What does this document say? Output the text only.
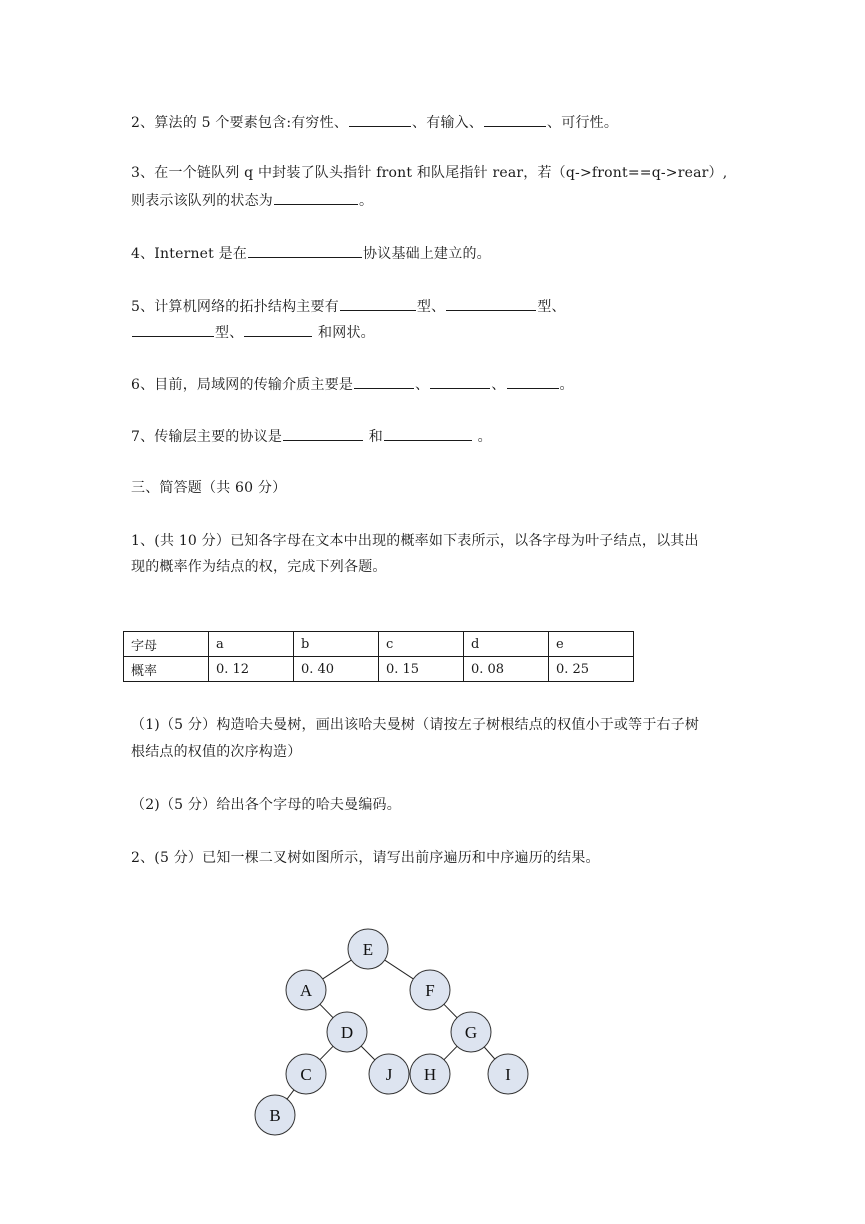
2、算法的 5 个要素包含:有穷性、	、有输入、	、可行性。
3、在一个链队列 q 中封装了队头指针 front 和队尾指针 rear，若（q->front==q->rear）,
则表示该队列的状态为	。
4、Internet 是在	协议基础上建立的。
5、计算机网络的拓扑结构主要有	型、	型、
型、	和网状。
6、目前，局域网的传输介质主要是	、	、	。
7、传输层主要的协议是	和	。
三、简答题（共 60 分）
1、(共 10 分）已知各字母在文本中出现的概率如下表所示，以各字母为叶子结点，以其出
现的概率作为结点的权，完成下列各题。
字母	a	b	c	d	e
概率	0. 12	0. 40	0. 15	0. 08	0. 25
（1)（5 分）构造哈夫曼树，画出该哈夫曼树（请按左子树根结点的权值小于或等于右子树
根结点的权值的次序构造）
（2)（5 分）给出各个字母的哈夫曼编码。
2、(5 分）已知一棵二叉树如图所示，请写出前序遍历和中序遍历的结果。
E
A	F
D	G
C	J H	I
B
